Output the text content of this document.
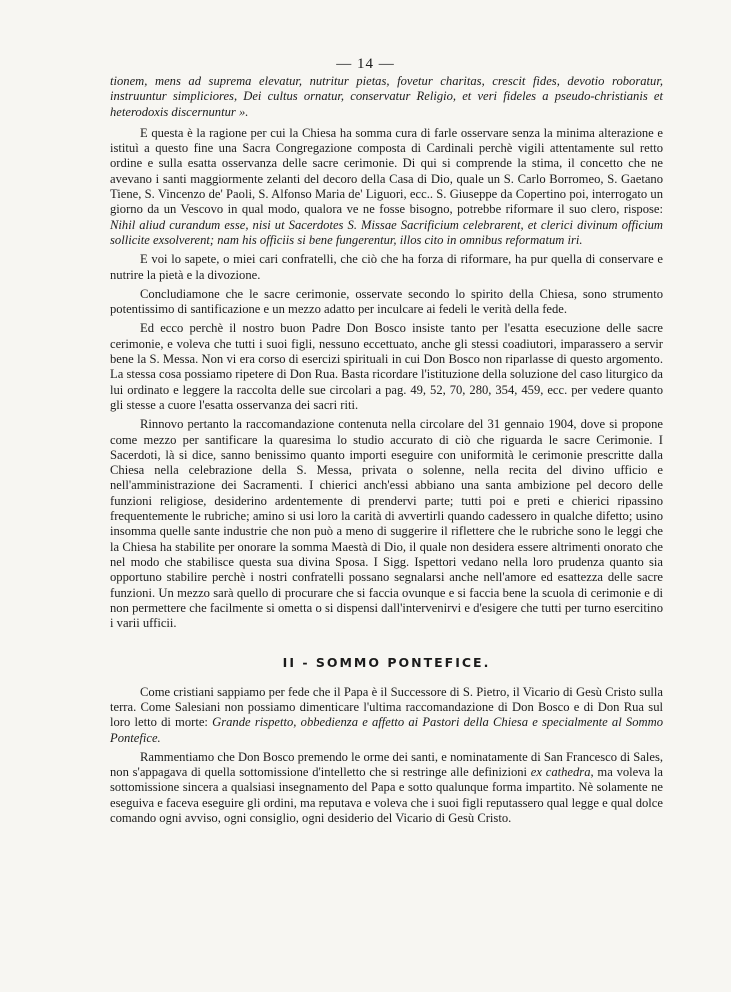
— 14 —

tionem, mens ad suprema elevatur, nutritur pietas, fovetur charitas, crescit fides, devotio roboratur, instruuntur simpliciores, Dei cultus ornatur, conservatur Religio, et veri fideles a pseudo-christianis et heterodoxis discernuntur ».

E questa è la ragione per cui la Chiesa ha somma cura di farle osservare senza la minima alterazione e istituì a questo fine una Sacra Congregazione composta di Cardinali perchè vigili attentamente sul retto ordine e sulla esatta osservanza delle sacre cerimonie. Di qui si comprende la stima, il concetto che ne avevano i santi maggiormente zelanti del decoro della Casa di Dio, quale un S. Carlo Borromeo, S. Gaetano Tiene, S. Vincenzo de' Paoli, S. Alfonso Maria de' Liguori, ecc.. S. Giuseppe da Copertino poi, interrogato un giorno da un Vescovo in qual modo, qualora ve ne fosse bisogno, potrebbe riformare il suo clero, rispose: Nihil aliud curandum esse, nisi ut Sacerdotes S. Missae Sacrificium celebrarent, et clerici divinum officium sollicite exsolverent; nam his officiis si bene fungerentur, illos cito in omnibus reformatum iri.

E voi lo sapete, o miei cari confratelli, che ciò che ha forza di riformare, ha pur quella di conservare e nutrire la pietà e la divozione.

Concludiamone che le sacre cerimonie, osservate secondo lo spirito della Chiesa, sono strumento potentissimo di santificazione e un mezzo adatto per inculcare ai fedeli le verità della fede.

Ed ecco perchè il nostro buon Padre Don Bosco insiste tanto per l'esatta esecuzione delle sacre cerimonie, e voleva che tutti i suoi figli, nessuno eccettuato, anche gli stessi coadiutori, imparassero a servir bene la S. Messa. Non vi era corso di esercizi spirituali in cui Don Bosco non riparlasse di questo argomento. La stessa cosa possiamo ripetere di Don Rua. Basta ricordare l'istituzione della soluzione del caso liturgico da lui ordinato e leggere la raccolta delle sue circolari a pag. 49, 52, 70, 280, 354, 459, ecc. per vedere quanto gli stesse a cuore l'esatta osservanza dei sacri riti.

Rinnovo pertanto la raccomandazione contenuta nella circolare del 31 gennaio 1904, dove si propone come mezzo per santificare la quaresima lo studio accurato di ciò che riguarda le sacre Cerimonie. I Sacerdoti, là si dice, sanno benissimo quanto importi eseguire con uniformità le cerimonie prescritte dalla Chiesa nella celebrazione della S. Messa, privata o solenne, nella recita del divino ufficio e nell'amministrazione dei Sacramenti. I chierici anch'essi abbiano una santa ambizione pel decoro delle funzioni religiose, desiderino ardentemente di prendervi parte; tutti poi e preti e chierici ripassino frequentemente le rubriche; amino si usi loro la carità di avvertirli quando cadessero in qualche difetto; usino insomma quelle sante industrie che non può a meno di suggerire il riflettere che le rubriche sono le leggi che la Chiesa ha stabilite per onorare la somma Maestà di Dio, il quale non desidera essere altrimenti onorato che nel modo che stabilisce questa sua divina Sposa. I Sigg. Ispettori vedano nella loro prudenza quanto sia opportuno stabilire perchè i nostri confratelli possano segnalarsi anche nell'amore ed esattezza delle sacre funzioni. Un mezzo sarà quello di procurare che si faccia ovunque e si faccia bene la scuola di cerimonie e di non permettere che facilmente si ometta o si dispensi dall'intervenirvi e d'esigere che tutti per turno esercitino i varii ufficii.

II - SOMMO PONTEFICE.

Come cristiani sappiamo per fede che il Papa è il Successore di S. Pietro, il Vicario di Gesù Cristo sulla terra. Come Salesiani non possiamo dimenticare l'ultima raccomandazione di Don Bosco e di Don Rua sul loro letto di morte: Grande rispetto, obbedienza e affetto ai Pastori della Chiesa e specialmente al Sommo Pontefice.

Rammentiamo che Don Bosco premendo le orme dei santi, e nominatamente di San Francesco di Sales, non s'appagava di quella sottomissione d'intelletto che si restringe alle definizioni ex cathedra, ma voleva la sottomissione sincera a qualsiasi insegnamento del Papa e sotto qualunque forma impartito. Nè solamente ne eseguiva e faceva eseguire gli ordini, ma reputava e voleva che i suoi figli reputassero qual legge e qual dolce comando ogni avviso, ogni consiglio, ogni desiderio del Vicario di Gesù Cristo.
